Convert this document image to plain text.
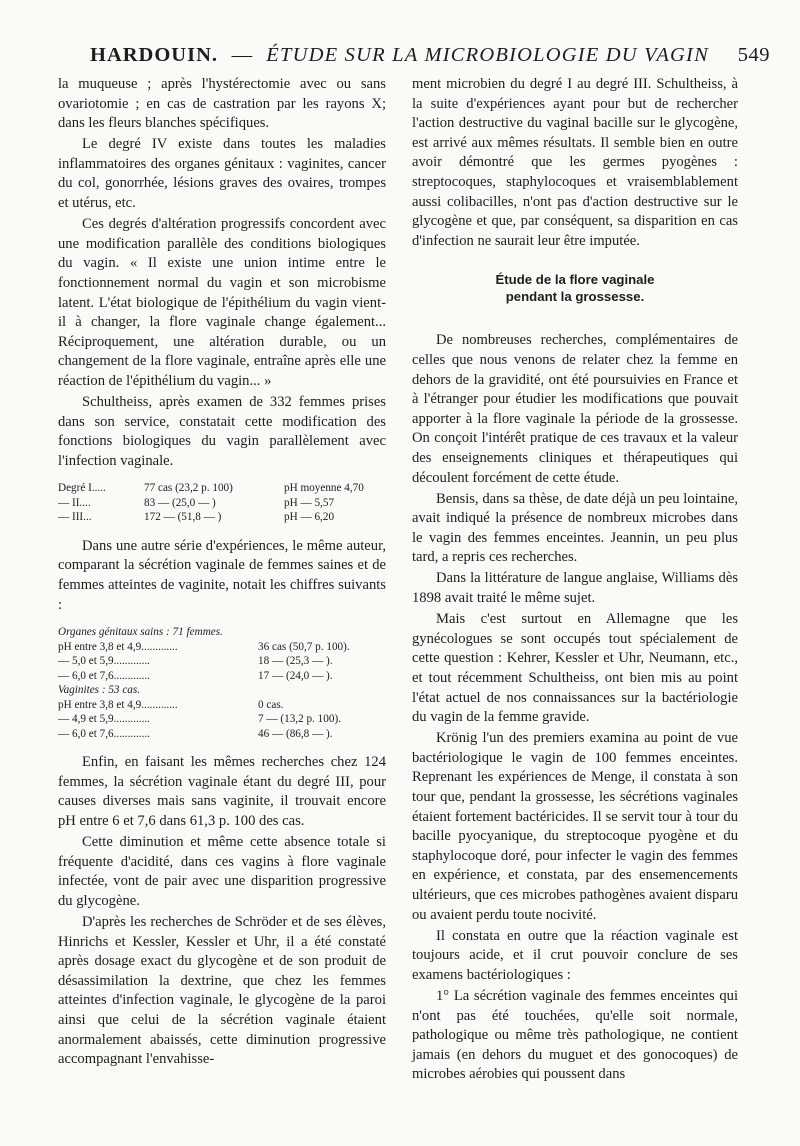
HARDOUIN. — ÉTUDE SUR LA MICROBIOLOGIE DU VAGIN 549

la muqueuse ; après l'hystérectomie avec ou sans ovariotomie ; en cas de castration par les rayons X; dans les fleurs blanches spécifiques.

Le degré IV existe dans toutes les maladies inflammatoires des organes génitaux : vaginites, cancer du col, gonorrhée, lésions graves des ovaires, trompes et utérus, etc.

Ces degrés d'altération progressifs concordent avec une modification parallèle des conditions biologiques du vagin. « Il existe une union intime entre le fonctionnement normal du vagin et son microbisme latent. L'état biologique de l'épithélium du vagin vient-il à changer, la flore vaginale change également... Réciproquement, une altération durable, ou un changement de la flore vaginale, entraîne après elle une réaction de l'épithélium du vagin... »

Schultheiss, après examen de 332 femmes prises dans son service, constatait cette modification des fonctions biologiques du vagin parallèlement avec l'infection vaginale.

Degré I.....	77 cas (23,2 p. 100)	pH moyenne 4,70
— II....	83 — (25,0 — )	pH — 5,57
— III...	172 — (51,8 — )	pH — 6,20

Dans une autre série d'expériences, le même auteur, comparant la sécrétion vaginale de femmes saines et de femmes atteintes de vaginite, notait les chiffres suivants :

Organes génitaux sains : 71 femmes.
pH entre 3,8 et 4,9.............	36 cas (50,7 p. 100).
— 5,0 et 5,9.............	18 — (25,3 — ).
— 6,0 et 7,6.............	17 — (24,0 — ).
Vaginites : 53 cas.
pH entre 3,8 et 4,9.............	0 cas.
— 4,9 et 5,9.............	7 — (13,2 p. 100).
— 6,0 et 7,6.............	46 — (86,8 — ).

Enfin, en faisant les mêmes recherches chez 124 femmes, la sécrétion vaginale étant du degré III, pour causes diverses mais sans vaginite, il trouvait encore pH entre 6 et 7,6 dans 61,3 p. 100 des cas.

Cette diminution et même cette absence totale si fréquente d'acidité, dans ces vagins à flore vaginale infectée, vont de pair avec une disparition progressive du glycogène.

D'après les recherches de Schröder et de ses élèves, Hinrichs et Kessler, Kessler et Uhr, il a été constaté après dosage exact du glycogène et de son produit de désassimilation la dextrine, que chez les femmes atteintes d'infection vaginale, le glycogène de la paroi ainsi que celui de la sécrétion vaginale étaient anormalement abaissés, cette diminution progressive accompagnant l'envahisse-

ment microbien du degré I au degré III. Schultheiss, à la suite d'expériences ayant pour but de rechercher l'action destructive du vaginal bacille sur le glycogène, est arrivé aux mêmes résultats. Il semble bien en outre avoir démontré que les germes pyogènes : streptocoques, staphylocoques et vraisemblablement aussi colibacilles, n'ont pas d'action destructive sur le glycogène et que, par conséquent, sa disparition en cas d'infection ne saurait leur être imputée.

Étude de la flore vaginale
pendant la grossesse.

De nombreuses recherches, complémentaires de celles que nous venons de relater chez la femme en dehors de la gravidité, ont été poursuivies en France et à l'étranger pour étudier les modifications que pouvait apporter à la flore vaginale la période de la grossesse. On conçoit l'intérêt pratique de ces travaux et la valeur des enseignements cliniques et thérapeutiques qui découlent forcément de cette étude.

Bensis, dans sa thèse, de date déjà un peu lointaine, avait indiqué la présence de nombreux microbes dans le vagin des femmes enceintes. Jeannin, un peu plus tard, a repris ces recherches.

Dans la littérature de langue anglaise, Williams dès 1898 avait traité le même sujet.

Mais c'est surtout en Allemagne que les gynécologues se sont occupés tout spécialement de cette question : Kehrer, Kessler et Uhr, Neumann, etc., et tout récemment Schultheiss, ont bien mis au point l'état actuel de nos connaissances sur la bactériologie du vagin de la femme gravide.

Krönig l'un des premiers examina au point de vue bactériologique le vagin de 100 femmes enceintes. Reprenant les expériences de Menge, il constata à son tour que, pendant la grossesse, les sécrétions vaginales étaient fortement bactéricides. Il se servit tour à tour du bacille pyocyanique, du streptocoque pyogène et du staphylocoque doré, pour infecter le vagin des femmes en expérience, et constata, par des ensemencements ultérieurs, que ces microbes pathogènes avaient disparu ou avaient perdu toute nocivité.

Il constata en outre que la réaction vaginale est toujours acide, et il crut pouvoir conclure de ses examens bactériologiques :

1° La sécrétion vaginale des femmes enceintes qui n'ont pas été touchées, qu'elle soit normale, pathologique ou même très pathologique, ne contient jamais (en dehors du muguet et des gonocoques) de microbes aérobies qui poussent dans
